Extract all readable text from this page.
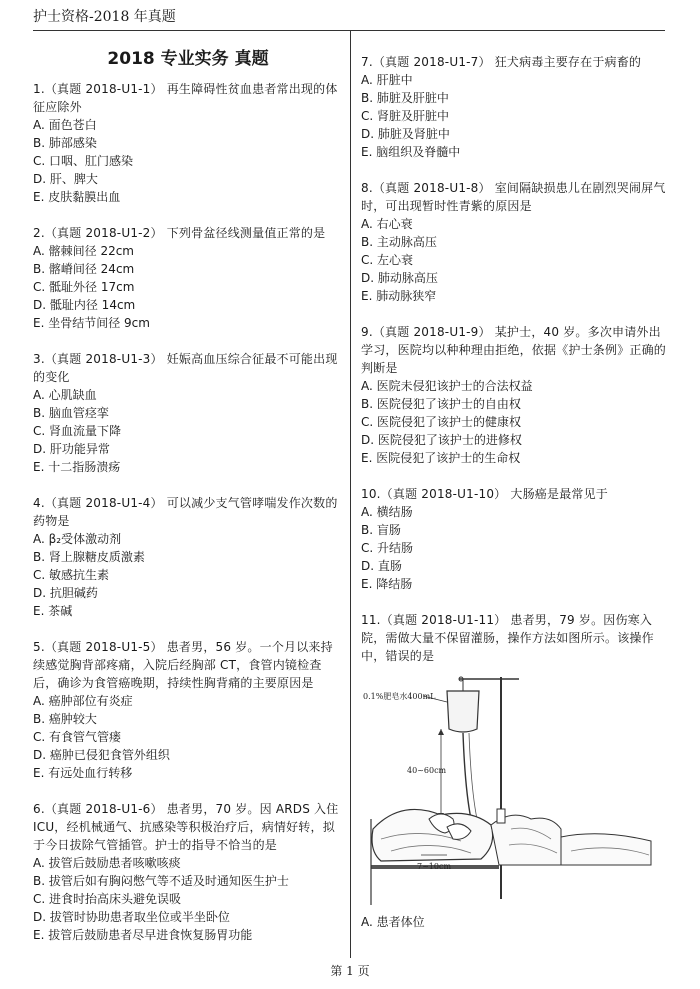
护士资格-2018 年真题
2018 专业实务 真题
1.（真题 2018-U1-1） 再生障碍性贫血患者常出现的体征应除外
A. 面色苍白
B. 肺部感染
C. 口咽、肛门感染
D. 肝、脾大
E. 皮肤黏膜出血
2.（真题 2018-U1-2） 下列骨盆径线测量值正常的是
A. 髂棘间径 22cm
B. 髂嵴间径 24cm
C. 骶耻外径 17cm
D. 骶耻内径 14cm
E. 坐骨结节间径 9cm
3.（真题 2018-U1-3） 妊娠高血压综合征最不可能出现的变化
A. 心肌缺血
B. 脑血管痉挛
C. 肾血流量下降
D. 肝功能异常
E. 十二指肠溃疡
4.（真题 2018-U1-4） 可以减少支气管哮喘发作次数的药物是
A. β₂受体激动剂
B. 肾上腺糖皮质激素
C. 敏感抗生素
D. 抗胆碱药
E. 茶碱
5.（真题 2018-U1-5） 患者男，56 岁。一个月以来持续感觉胸背部疼痛，入院后经胸部 CT，食管内镜检查后，确诊为食管癌晚期，持续性胸背痛的主要原因是
A. 癌肿部位有炎症
B. 癌肿较大
C. 有食管气管瘘
D. 癌肿已侵犯食管外组织
E. 有远处血行转移
6.（真题 2018-U1-6） 患者男，70 岁。因 ARDS 入住 ICU，经机械通气、抗感染等积极治疗后，病情好转，拟于今日拔除气管插管。护士的指导不恰当的是
A. 拔管后鼓励患者咳嗽咳痰
B. 拔管后如有胸闷憋气等不适及时通知医生护士
C. 进食时抬高床头避免误吸
D. 拔管时协助患者取坐位或半坐卧位
E. 拔管后鼓励患者尽早进食恢复肠胃功能
7.（真题 2018-U1-7） 狂犬病毒主要存在于病畜的
A. 肝脏中
B. 肺脏及肝脏中
C. 肾脏及肝脏中
D. 肺脏及肾脏中
E. 脑组织及脊髓中
8.（真题 2018-U1-8） 室间隔缺损患儿在剧烈哭闹屏气时，可出现暂时性青紫的原因是
A. 右心衰
B. 主动脉高压
C. 左心衰
D. 肺动脉高压
E. 肺动脉狭窄
9.（真题 2018-U1-9） 某护士，40 岁。多次申请外出学习，医院均以种种理由拒绝，依据《护士条例》正确的判断是
A. 医院未侵犯该护士的合法权益
B. 医院侵犯了该护士的自由权
C. 医院侵犯了该护士的健康权
D. 医院侵犯了该护士的进修权
E. 医院侵犯了该护士的生命权
10.（真题 2018-U1-10） 大肠癌是最常见于
A. 横结肠
B. 盲肠
C. 升结肠
D. 直肠
E. 降结肠
11.（真题 2018-U1-11） 患者男，79 岁。因伤寒入院，需做大量不保留灌肠，操作方法如图所示。该操作中，错误的是
0.1%肥皂水400mL
40~60cm
7~10cm
A. 患者体位
第 1 页
